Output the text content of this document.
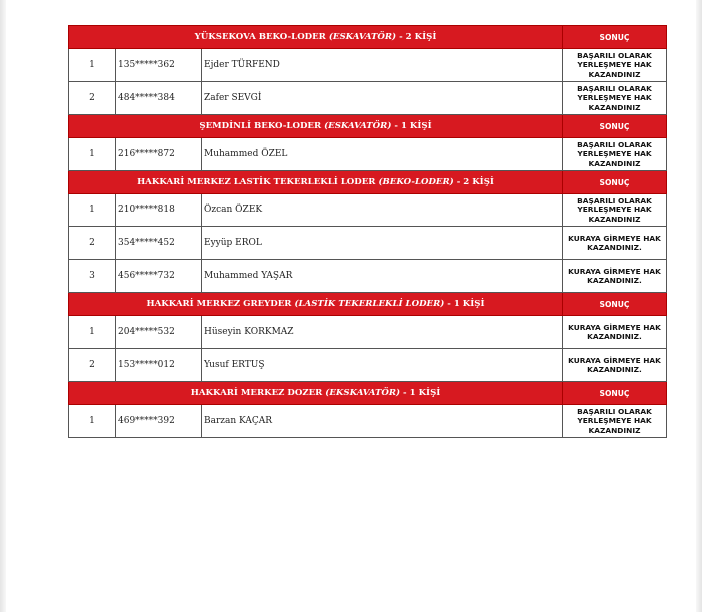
YÜKSEKOVA BEKO-LODER (ESKAVATÖR) - 2 KİŞİ			SONUÇ
1	135*****362	Ejder TÜRFEND	BAŞARILI OLARAK YERLEŞMEYE HAK KAZANDINIZ
2	484*****384	Zafer SEVGİ	BAŞARILI OLARAK YERLEŞMEYE HAK KAZANDINIZ
ŞEMDİNLİ BEKO-LODER (ESKAVATÖR) - 1 KİŞİ			SONUÇ
1	216*****872	Muhammed ÖZEL	BAŞARILI OLARAK YERLEŞMEYE HAK KAZANDINIZ
HAKKARİ MERKEZ LASTİK TEKERLEKLİ LODER (BEKO-LODER) - 2 KİŞİ			SONUÇ
1	210*****818	Özcan ÖZEK	BAŞARILI OLARAK YERLEŞMEYE HAK KAZANDINIZ
2	354*****452	Eyyüp EROL	KURAYA GİRMEYE HAK KAZANDINIZ.
3	456*****732	Muhammed YAŞAR	KURAYA GİRMEYE HAK KAZANDINIZ.
HAKKARİ MERKEZ GREYDER (LASTİK TEKERLEKLİ LODER) - 1 KİŞİ			SONUÇ
1	204*****532	Hüseyin KORKMAZ	KURAYA GİRMEYE HAK KAZANDINIZ.
2	153*****012	Yusuf ERTUŞ	KURAYA GİRMEYE HAK KAZANDINIZ.
HAKKARİ MERKEZ DOZER (EKSKAVATÖR) - 1 KİŞİ			SONUÇ
1	469*****392	Barzan KAÇAR	BAŞARILI OLARAK YERLEŞMEYE HAK KAZANDINIZ
